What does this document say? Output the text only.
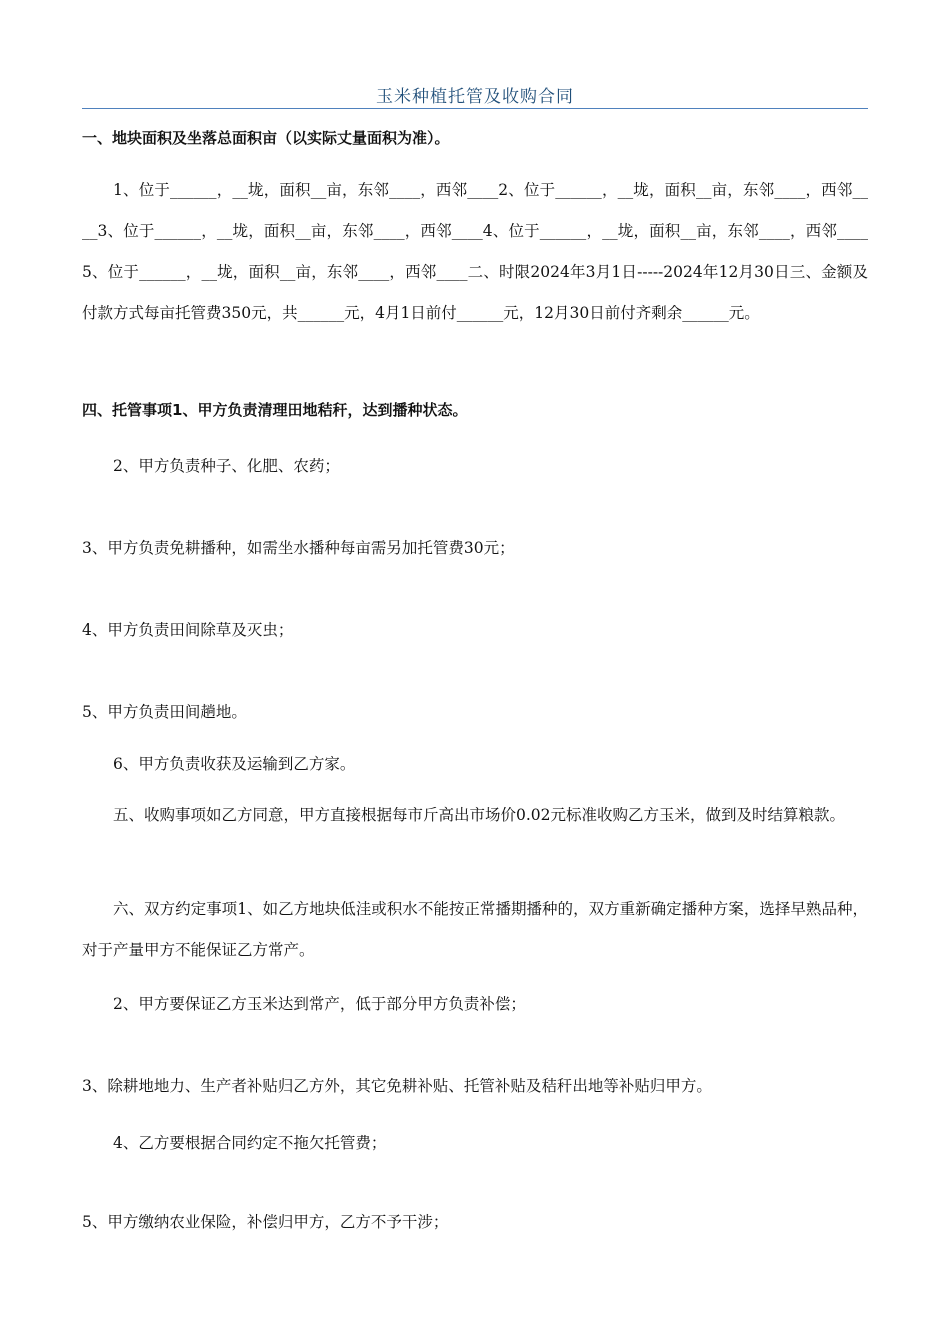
玉米种植托管及收购合同

一、地块面积及坐落总面积亩（以实际丈量面积为准）。

1、位于______，__垅，面积__亩，东邻____，西邻____2、位于______，__垅，面积__亩，东邻____，西邻____3、位于______，__垅，面积__亩，东邻____，西邻____4、位于______，__垅，面积__亩，东邻____，西邻____5、位于______，__垅，面积__亩，东邻____，西邻____二、时限2024年3月1日-----2024年12月30日三、金额及付款方式每亩托管费350元，共______元，4月1日前付______元，12月30日前付齐剩余______元。

四、托管事项1、甲方负责清理田地秸秆，达到播种状态。

2、甲方负责种子、化肥、农药；

3、甲方负责免耕播种，如需坐水播种每亩需另加托管费30元；

4、甲方负责田间除草及灭虫；

5、甲方负责田间趟地。

6、甲方负责收获及运输到乙方家。

五、收购事项如乙方同意，甲方直接根据每市斤高出市场价0.02元标准收购乙方玉米，做到及时结算粮款。

六、双方约定事项1、如乙方地块低洼或积水不能按正常播期播种的，双方重新确定播种方案，选择早熟品种，对于产量甲方不能保证乙方常产。

2、甲方要保证乙方玉米达到常产，低于部分甲方负责补偿；

3、除耕地地力、生产者补贴归乙方外，其它免耕补贴、托管补贴及秸秆出地等补贴归甲方。

4、乙方要根据合同约定不拖欠托管费；

5、甲方缴纳农业保险，补偿归甲方，乙方不予干涉；
